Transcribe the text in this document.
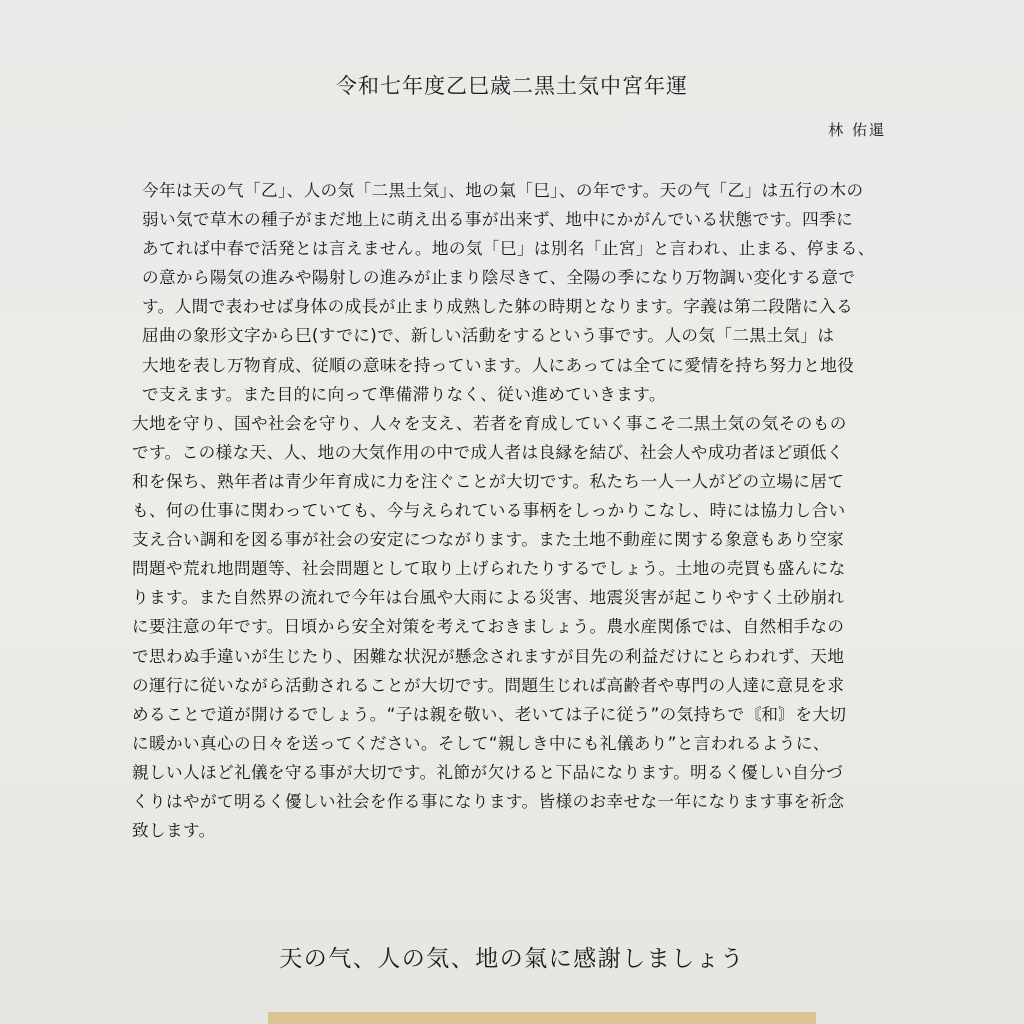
令和七年度乙巳歳二黒土気中宮年運
林 佑暹
今年は天の气「乙」、人の気「二黒土気」、地の氣「巳」、の年です。天の气「乙」は五行の木の
弱い気で草木の種子がまだ地上に萌え出る事が出来ず、地中にかがんでいる状態です。四季に
あてれば中春で活発とは言えません。地の気「巳」は別名「止宮」と言われ、止まる、停まる、
の意から陽気の進みや陽射しの進みが止まり陰尽きて、全陽の季になり万物調い変化する意で
す。人間で表わせば身体の成長が止まり成熟した躰の時期となります。字義は第二段階に入る
屈曲の象形文字から巳(すでに)で、新しい活動をするという事です。人の気「二黒土気」は
大地を表し万物育成、従順の意味を持っています。人にあっては全てに愛情を持ち努力と地役
で支えます。また目的に向って準備滞りなく、従い進めていきます。
大地を守り、国や社会を守り、人々を支え、若者を育成していく事こそ二黒土気の気そのもの
です。この様な天、人、地の大気作用の中で成人者は良縁を結び、社会人や成功者ほど頭低く
和を保ち、熟年者は青少年育成に力を注ぐことが大切です。私たち一人一人がどの立場に居て
も、何の仕事に関わっていても、今与えられている事柄をしっかりこなし、時には協力し合い
支え合い調和を図る事が社会の安定につながります。また土地不動産に関する象意もあり空家
問題や荒れ地問題等、社会問題として取り上げられたりするでしょう。土地の売買も盛んにな
ります。また自然界の流れで今年は台風や大雨による災害、地震災害が起こりやすく土砂崩れ
に要注意の年です。日頃から安全対策を考えておきましょう。農水産関係では、自然相手なの
で思わぬ手違いが生じたり、困難な状況が懸念されますが目先の利益だけにとらわれず、天地
の運行に従いながら活動されることが大切です。問題生じれば高齢者や専門の人達に意見を求
めることで道が開けるでしょう。“子は親を敬い、老いては子に従う”の気持ちで〘和〙を大切
に暖かい真心の日々を送ってください。そして“親しき中にも礼儀あり”と言われるように、
親しい人ほど礼儀を守る事が大切です。礼節が欠けると下品になります。明るく優しい自分づ
くりはやがて明るく優しい社会を作る事になります。皆様のお幸せな一年になります事を祈念
致します。
天の气、人の気、地の氣に感謝しましょう
